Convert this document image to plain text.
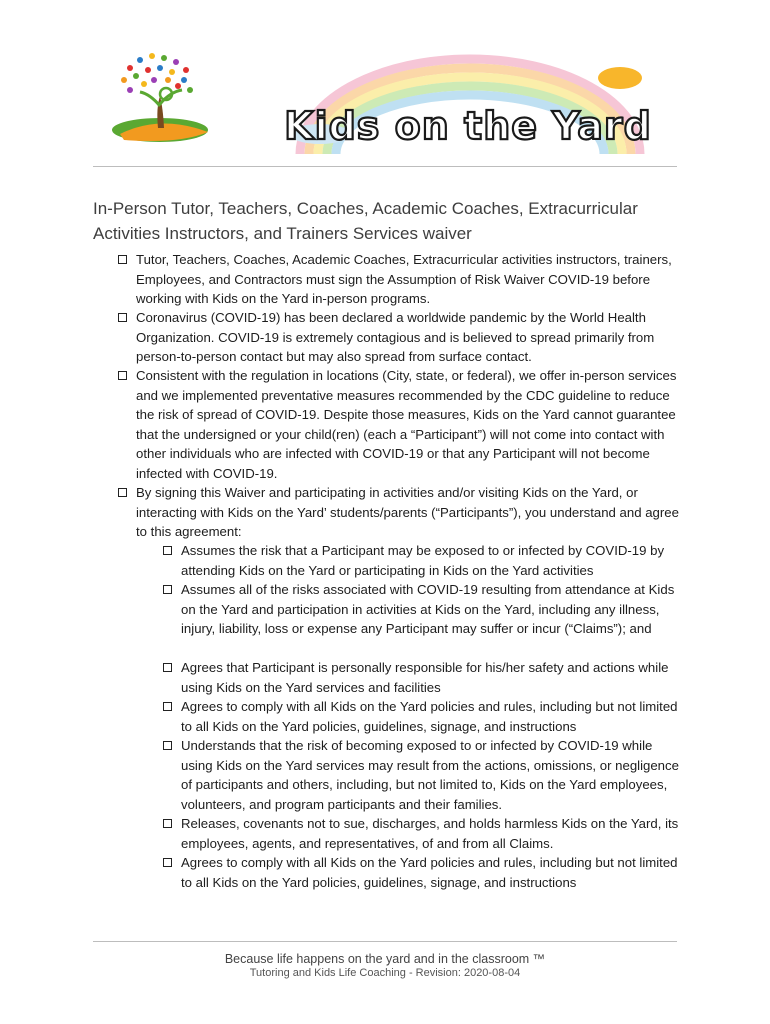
Kids on the Yard
In-Person Tutor, Teachers, Coaches, Academic Coaches, Extracurricular Activities Instructors, and Trainers Services waiver
Tutor, Teachers, Coaches, Academic Coaches, Extracurricular activities instructors, trainers, Employees, and Contractors must sign the Assumption of Risk Waiver COVID-19 before working with Kids on the Yard in-person programs.
Coronavirus (COVID-19) has been declared a worldwide pandemic by the World Health Organization. COVID-19 is extremely contagious and is believed to spread primarily from person-to-person contact but may also spread from surface contact.
Consistent with the regulation in locations (City, state, or federal), we offer in-person services and we implemented preventative measures recommended by the CDC guideline to reduce the risk of spread of COVID-19. Despite those measures, Kids on the Yard cannot guarantee that the undersigned or your child(ren) (each a “Participant”) will not come into contact with other individuals who are infected with COVID-19 or that any Participant will not become infected with COVID-19.
By signing this Waiver and participating in activities and/or visiting Kids on the Yard, or interacting with Kids on the Yard’ students/parents (“Participants”), you understand and agree to this agreement:
Assumes the risk that a Participant may be exposed to or infected by COVID-19 by attending Kids on the Yard or participating in Kids on the Yard activities
Assumes all of the risks associated with COVID-19 resulting from attendance at Kids on the Yard and participation in activities at Kids on the Yard, including any illness, injury, liability, loss or expense any Participant may suffer or incur (“Claims”); and
Agrees that Participant is personally responsible for his/her safety and actions while using Kids on the Yard services and facilities
Agrees to comply with all Kids on the Yard policies and rules, including but not limited to all Kids on the Yard policies, guidelines, signage, and instructions
Understands that the risk of becoming exposed to or infected by COVID-19 while using Kids on the Yard services may result from the actions, omissions, or negligence of participants and others, including, but not limited to, Kids on the Yard employees, volunteers, and program participants and their families.
Releases, covenants not to sue, discharges, and holds harmless Kids on the Yard, its employees, agents, and representatives, of and from all Claims.
Agrees to comply with all Kids on the Yard policies and rules, including but not limited to all Kids on the Yard policies, guidelines, signage, and instructions
Because life happens on the yard and in the classroom ™
Tutoring and Kids Life Coaching - Revision: 2020-08-04
